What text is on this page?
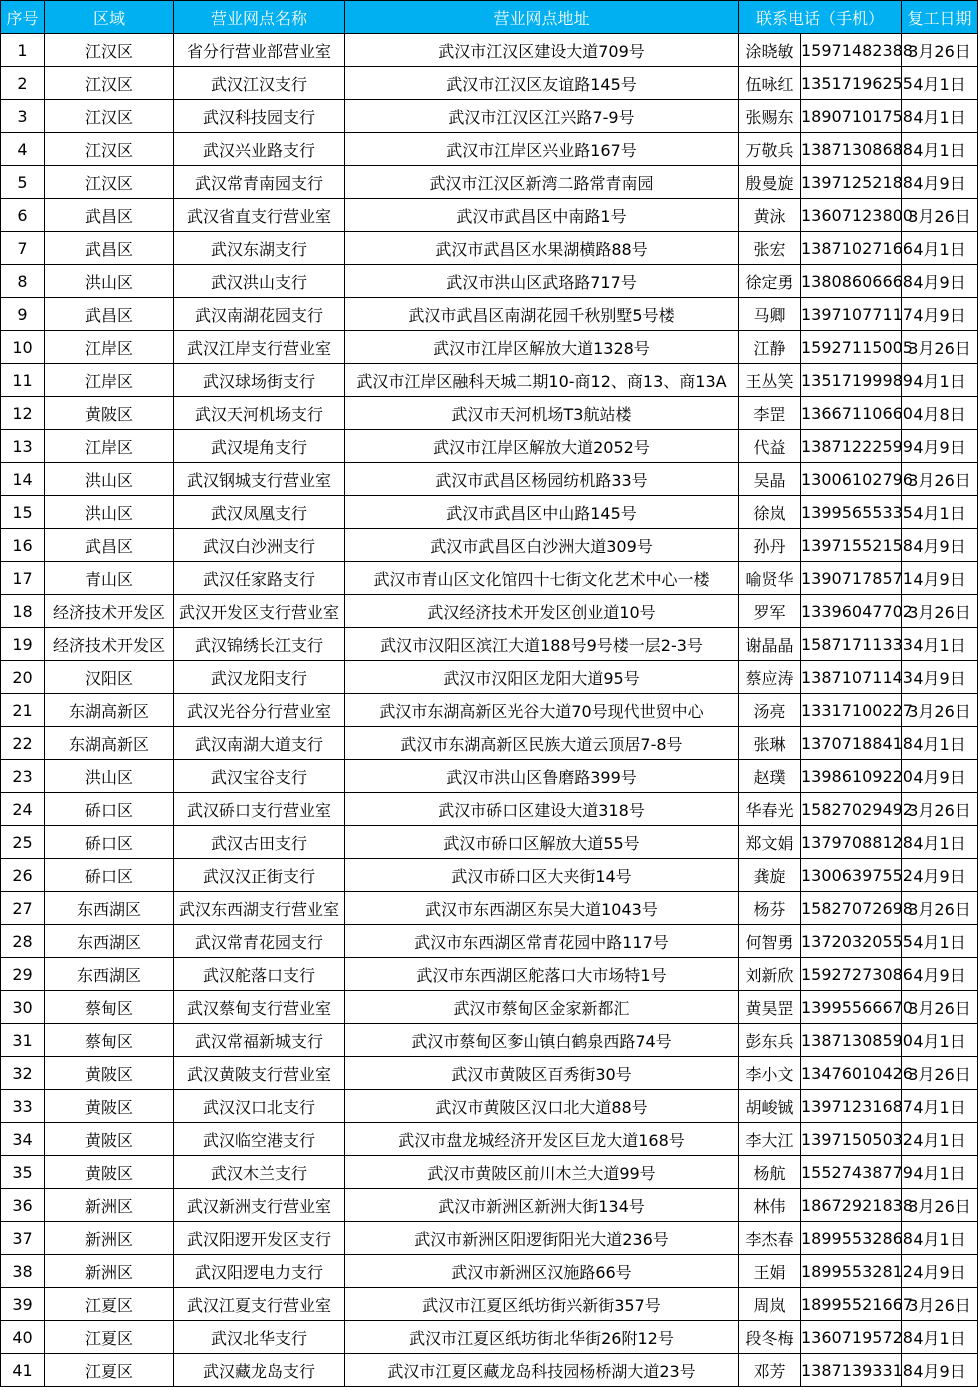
序号	区域	营业网点名称	营业网点地址	联系电话（手机）		复工日期
1	江汉区	省分行营业部营业室	武汉市江汉区建设大道709号	涂晓敏	15971482388	3月26日
2	江汉区	武汉江汉支行	武汉市江汉区友谊路145号	伍咏红	13517196255	4月1日
3	江汉区	武汉科技园支行	武汉市江汉区江兴路7-9号	张赐东	18907101758	4月1日
4	江汉区	武汉兴业路支行	武汉市江岸区兴业路167号	万敬兵	13871308688	4月1日
5	江汉区	武汉常青南园支行	武汉市江汉区新湾二路常青南园	殷曼旋	13971252188	4月9日
6	武昌区	武汉省直支行营业室	武汉市武昌区中南路1号	黄泳	13607123800	3月26日
7	武昌区	武汉东湖支行	武汉市武昌区水果湖横路88号	张宏	13871027166	4月1日
8	洪山区	武汉洪山支行	武汉市洪山区武珞路717号	徐定勇	13808606668	4月9日
9	武昌区	武汉南湖花园支行	武汉市武昌区南湖花园千秋别墅5号楼	马卿	13971077117	4月9日
10	江岸区	武汉江岸支行营业室	武汉市江岸区解放大道1328号	江静	15927115005	3月26日
11	江岸区	武汉球场街支行	武汉市江岸区融科天城二期10-商12、商13、商13A	王丛笑	13517199989	4月1日
12	黄陂区	武汉天河机场支行	武汉市天河机场T3航站楼	李罡	13667110660	4月8日
13	江岸区	武汉堤角支行	武汉市江岸区解放大道2052号	代益	13871222599	4月9日
14	洪山区	武汉钢城支行营业室	武汉市武昌区杨园纺机路33号	吴晶	13006102796	3月26日
15	洪山区	武汉凤凰支行	武汉市武昌区中山路145号	徐岚	13995655335	4月1日
16	武昌区	武汉白沙洲支行	武汉市武昌区白沙洲大道309号	孙丹	13971552158	4月9日
17	青山区	武汉任家路支行	武汉市青山区文化馆四十七街文化艺术中心一楼	喻贤华	13907178571	4月9日
18	经济技术开发区	武汉开发区支行营业室	武汉经济技术开发区创业道10号	罗军	13396047702	3月26日
19	经济技术开发区	武汉锦绣长江支行	武汉市汉阳区滨江大道188号9号楼一层2-3号	谢晶晶	15871711333	4月1日
20	汉阳区	武汉龙阳支行	武汉市汉阳区龙阳大道95号	蔡应涛	13871071143	4月9日
21	东湖高新区	武汉光谷分行营业室	武汉市东湖高新区光谷大道70号现代世贸中心	汤亮	13317100227	3月26日
22	东湖高新区	武汉南湖大道支行	武汉市东湖高新区民族大道云顶居7-8号	张琳	13707188418	4月1日
23	洪山区	武汉宝谷支行	武汉市洪山区鲁磨路399号	赵璞	13986109220	4月9日
24	硚口区	武汉硚口支行营业室	武汉市硚口区建设大道318号	华春光	15827029492	3月26日
25	硚口区	武汉古田支行	武汉市硚口区解放大道55号	郑文娟	13797088128	4月1日
26	硚口区	武汉汉正街支行	武汉市硚口区大夹街14号	龚旋	13006397552	4月9日
27	东西湖区	武汉东西湖支行营业室	武汉市东西湖区东吴大道1043号	杨芬	15827072698	3月26日
28	东西湖区	武汉常青花园支行	武汉市东西湖区常青花园中路117号	何智勇	13720320555	4月1日
29	东西湖区	武汉舵落口支行	武汉市东西湖区舵落口大市场特1号	刘新欣	15927273086	4月9日
30	蔡甸区	武汉蔡甸支行营业室	武汉市蔡甸区金家新都汇	黄昊罡	13995566670	3月26日
31	蔡甸区	武汉常福新城支行	武汉市蔡甸区奓山镇白鹤泉西路74号	彭东兵	13871308590	4月1日
32	黄陂区	武汉黄陂支行营业室	武汉市黄陂区百秀街30号	李小文	13476010426	3月26日
33	黄陂区	武汉汉口北支行	武汉市黄陂区汉口北大道88号	胡峻铖	13971231687	4月1日
34	黄陂区	武汉临空港支行	武汉市盘龙城经济开发区巨龙大道168号	李大江	13971505032	4月1日
35	黄陂区	武汉木兰支行	武汉市黄陂区前川木兰大道99号	杨航	15527438779	4月1日
36	新洲区	武汉新洲支行营业室	武汉市新洲区新洲大街134号	林伟	18672921838	3月26日
37	新洲区	武汉阳逻开发区支行	武汉市新洲区阳逻街阳光大道236号	李杰春	18995532868	4月1日
38	新洲区	武汉阳逻电力支行	武汉市新洲区汉施路66号	王娟	18995532812	4月9日
39	江夏区	武汉江夏支行营业室	武汉市江夏区纸坊街兴新街357号	周岚	18995521667	3月26日
40	江夏区	武汉北华支行	武汉市江夏区纸坊街北华街26附12号	段冬梅	13607195728	4月1日
41	江夏区	武汉藏龙岛支行	武汉市江夏区藏龙岛科技园杨桥湖大道23号	邓芳	13871393318	4月9日
